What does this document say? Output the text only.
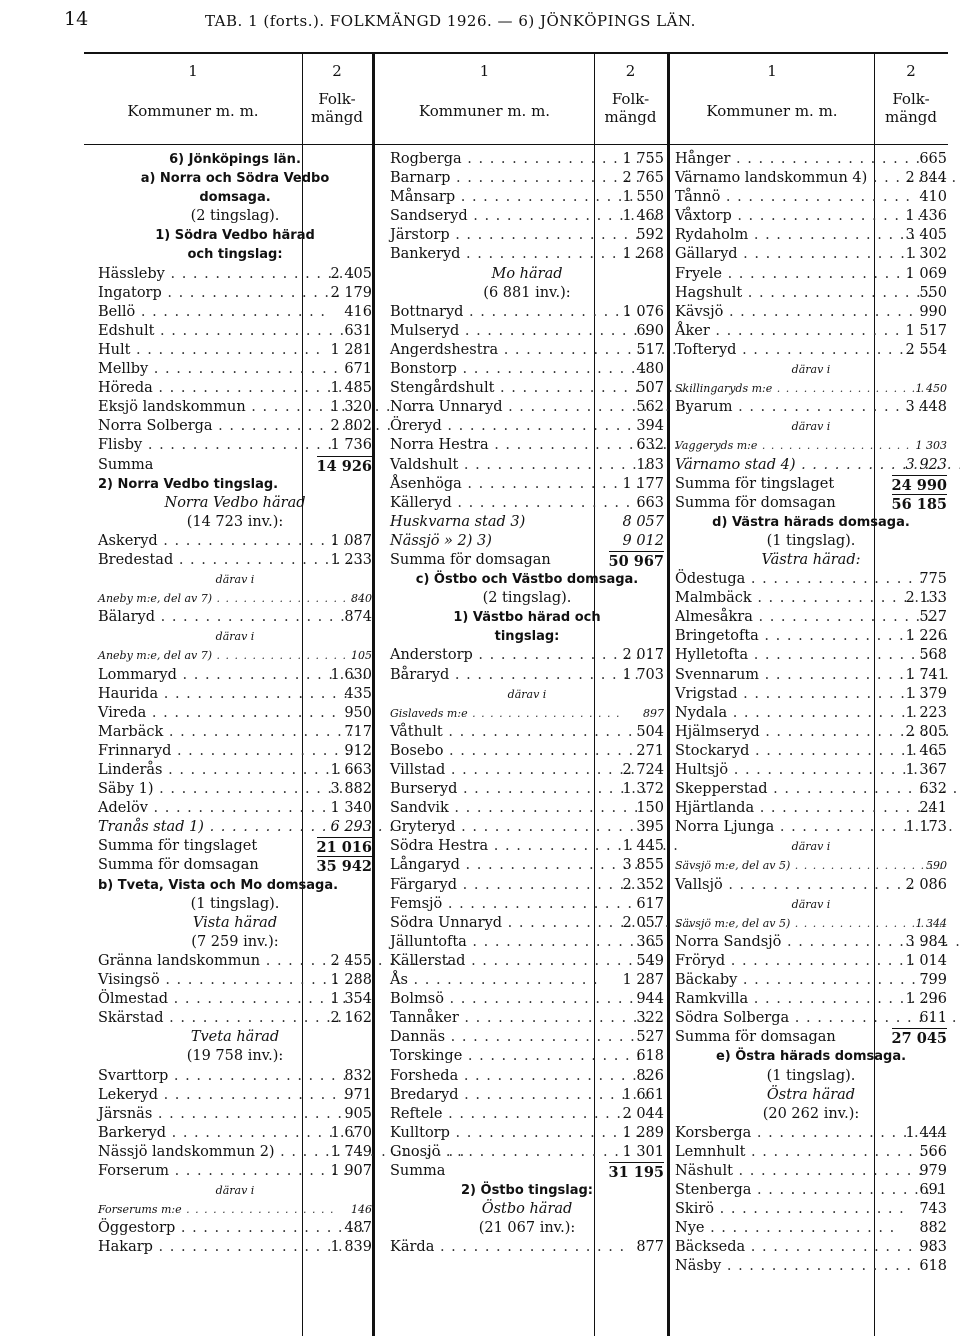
14	TAB. 1 (forts.). FOLKMÄNGD 1926. — 6) JÖNKÖPINGS LÄN.
1
Kommuner m. m.
2
Folk-
mängd
1
Kommuner m. m.
2
Folk-
mängd
1
Kommuner m. m.
2
Folk-
mängd
6) Jönköpings län.
a) Norra och Södra Vedbo
domsaga.
(2 tingslag).
1) Södra Vedbo härad
och tingslag:
Hässleby . . .	2 405
Ingatorp . . .	2 179
Bellö . . .	416
Edshult . . .	631
Hult . . .	1 281
Mellby . . .	671
Höreda . . .	1 485
Eksjö landskommun . . .	1 320
Norra Solberga . . .	2 802
Flisby . . .	1 736
Summa	14 926
2) Norra Vedbo tingslag.
Norra Vedbo härad
(14 723 inv.):
Askeryd . . .	1 087
Bredestad . . .	1 233
därav i
Aneby m:e, del av 7) . . .	840
Bälaryd . . .	874
därav i
Aneby m:e, del av 7) . . .	105
Lommaryd . . .	1 630
Haurida . . .	435
Vireda . . .	950
Marbäck . . .	717
Frinnaryd . . .	912
Linderås . . .	1 663
Säby 1) . . .	3 882
Adelöv . . .	1 340
Tranås stad 1) . . .	6 293
Summa för tingslaget	21 016
Summa för domsagan	35 942
b) Tveta, Vista och Mo domsaga.
(1 tingslag).
Vista härad
(7 259 inv.):
Gränna landskommun . . .	2 455
Visingsö . . .	1 288
Ölmestad . . .	1 354
Skärstad . . .	2 162
Tveta härad
(19 758 inv.):
Svarttorp . . .	832
Lekeryd . . .	971
Järsnäs . . .	905
Barkeryd . . .	1 670
Nässjö landskommun 2) . . .	1 749
Forserum . . .	1 907
därav i
Forserums m:e . . .	146
Öggestorp . . .	487
Hakarp . . .	1 839
Rogberga . . .	1 755
Barnarp . . .	2 765
Månsarp . . .	1 550
Sandseryd . . .	1 468
Järstorp . . .	592
Bankeryd . . .	1 268
Mo härad
(6 881 inv.):
Bottnaryd . . .	1 076
Mulseryd . . .	690
Angerdshestra . . .	517
Bonstorp . . .	480
Stengårdshult . . .	507
Norra Unnaryd . . .	562
Öreryd . . .	394
Norra Hestra . . .	632
Valdshult . . .	183
Åsenhöga . . .	1 177
Källeryd . . .	663
Huskvarna stad 3)	8 057
Nässjö » 2) 3)	9 012
Summa för domsagan	50 967
c) Östbo och Västbo domsaga.
(2 tingslag).
1) Västbo härad och
tingslag:
Anderstorp . . .	2 017
Båraryd . . .	1 703
därav i
Gislaveds m:e . . .	897
Våthult . . .	504
Bosebo . . .	271
Villstad . . .	2 724
Burseryd . . .	1 372
Sandvik . . .	150
Gryteryd . . .	395
Södra Hestra . . .	1 445
Långaryd . . .	3 855
Färgaryd . . .	2 352
Femsjö . . .	617
Södra Unnaryd . . .	2 057
Jälluntofta . . .	365
Källerstad . . .	549
Ås . . .	1 287
Bolmsö . . .	944
Tannåker . . .	322
Dannäs . . .	527
Torskinge . . .	618
Forsheda . . .	826
Bredaryd . . .	1 661
Reftele . . .	2 044
Kulltorp . . .	1 289
Gnosjö . . .	1 301
Summa	31 195
2) Östbo tingslag:
Östbo härad
(21 067 inv.):
Kärda . . .	877
Hånger . . .	665
Värnamo landskommun 4) . . .	2 844
Tånnö . . .	410
Våxtorp . . .	1 436
Rydaholm . . .	3 405
Gällaryd . . .	1 302
Fryele . . .	1 069
Hagshult . . .	550
Kävsjö . . .	990
Åker . . .	1 517
Tofteryd . . .	2 554
därav i
Skillingaryds m:e . . .	1 450
Byarum . . .	3 448
därav i
Vaggeryds m:e . . .	1 303
Värnamo stad 4) . . .	3 923
Summa för tingslaget	24 990
Summa för domsagan	56 185
d) Västra härads domsaga.
(1 tingslag).
Västra härad:
Ödestuga . . .	775
Malmbäck . . .	2 133
Almesåkra . . .	527
Bringetofta . . .	1 226
Hylletofta . . .	568
Svennarum . . .	1 741
Vrigstad . . .	1 379
Nydala . . .	1 223
Hjälmseryd . . .	2 805
Stockaryd . . .	1 465
Hultsjö . . .	1 367
Skepperstad . . .	632
Hjärtlanda . . .	241
Norra Ljunga . . .	1 173
därav i
Sävsjö m:e, del av 5) . . .	590
Vallsjö . . .	2 086
därav i
Sävsjö m:e, del av 5) . . .	1 344
Norra Sandsjö . . .	3 984
Fröryd . . .	1 014
Bäckaby . . .	799
Ramkvilla . . .	1 296
Södra Solberga . . .	611
Summa för domsagan	27 045
e) Östra härads domsaga.
(1 tingslag).
Östra härad
(20 262 inv.):
Korsberga . . .	1 444
Lemnhult . . .	566
Näshult . . .	979
Stenberga . . .	691
Skirö . . .	743
Nye . . .	882
Bäckseda . . .	983
Näsby . . .	618
